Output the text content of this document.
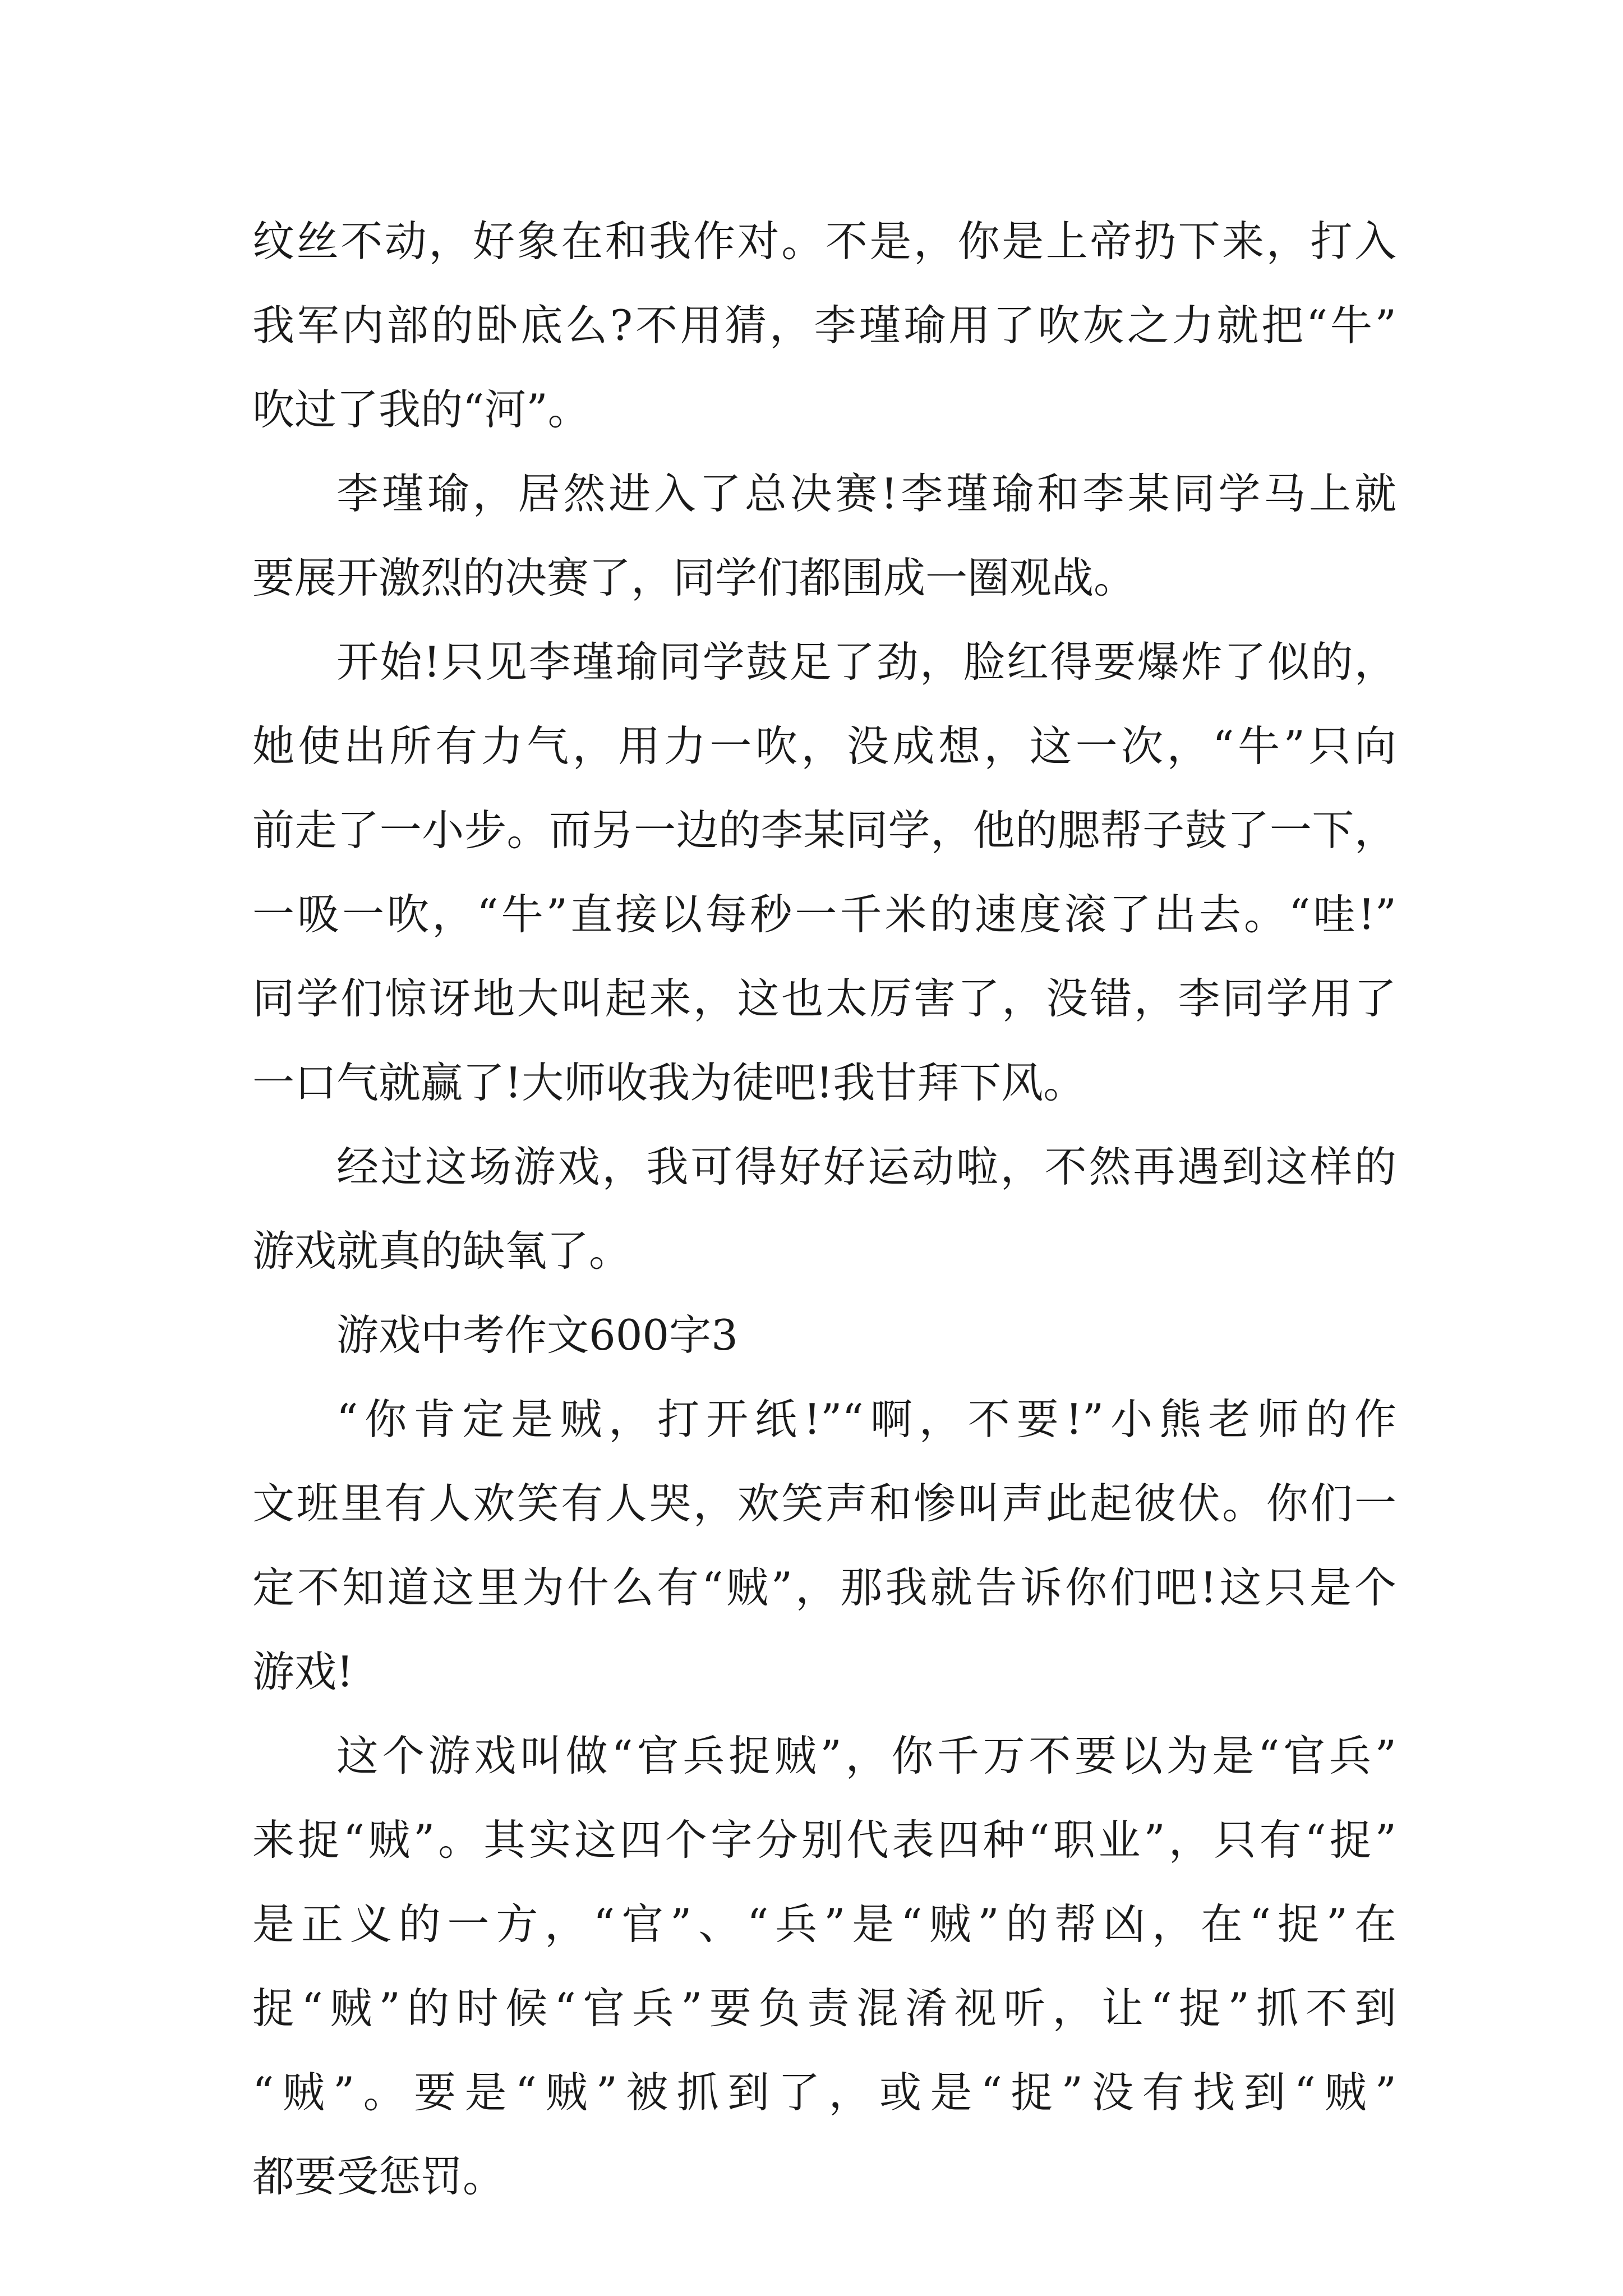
纹丝不动，好象在和我作对。不是，你是上帝扔下来，打入
我军内部的卧底么?不用猜，李瑾瑜用了吹灰之力就把“牛”
吹过了我的“河”。
李瑾瑜，居然进入了总决赛!李瑾瑜和李某同学马上就
要展开激烈的决赛了，同学们都围成一圈观战。
开始!只见李瑾瑜同学鼓足了劲，脸红得要爆炸了似的，
她使出所有力气，用力一吹，没成想，这一次，“牛”只向
前走了一小步。而另一边的李某同学，他的腮帮子鼓了一下，
一吸一吹，“牛”直接以每秒一千米的速度滚了出去。“哇!”
同学们惊讶地大叫起来，这也太厉害了，没错，李同学用了
一口气就赢了!大师收我为徒吧!我甘拜下风。
经过这场游戏，我可得好好运动啦，不然再遇到这样的
游戏就真的缺氧了。
游戏中考作文600字3
“你肯定是贼，打开纸!”“啊，不要!”小熊老师的作
文班里有人欢笑有人哭，欢笑声和惨叫声此起彼伏。你们一
定不知道这里为什么有“贼”，那我就告诉你们吧!这只是个
游戏!
这个游戏叫做“官兵捉贼”，你千万不要以为是“官兵”
来捉“贼”。其实这四个字分别代表四种“职业”，只有“捉”
是正义的一方，“官”、“兵”是“贼”的帮凶，在“捉”在
捉“贼”的时候“官兵”要负责混淆视听，让“捉”抓不到
“贼”。要是“贼”被抓到了，或是“捉”没有找到“贼”
都要受惩罚。
